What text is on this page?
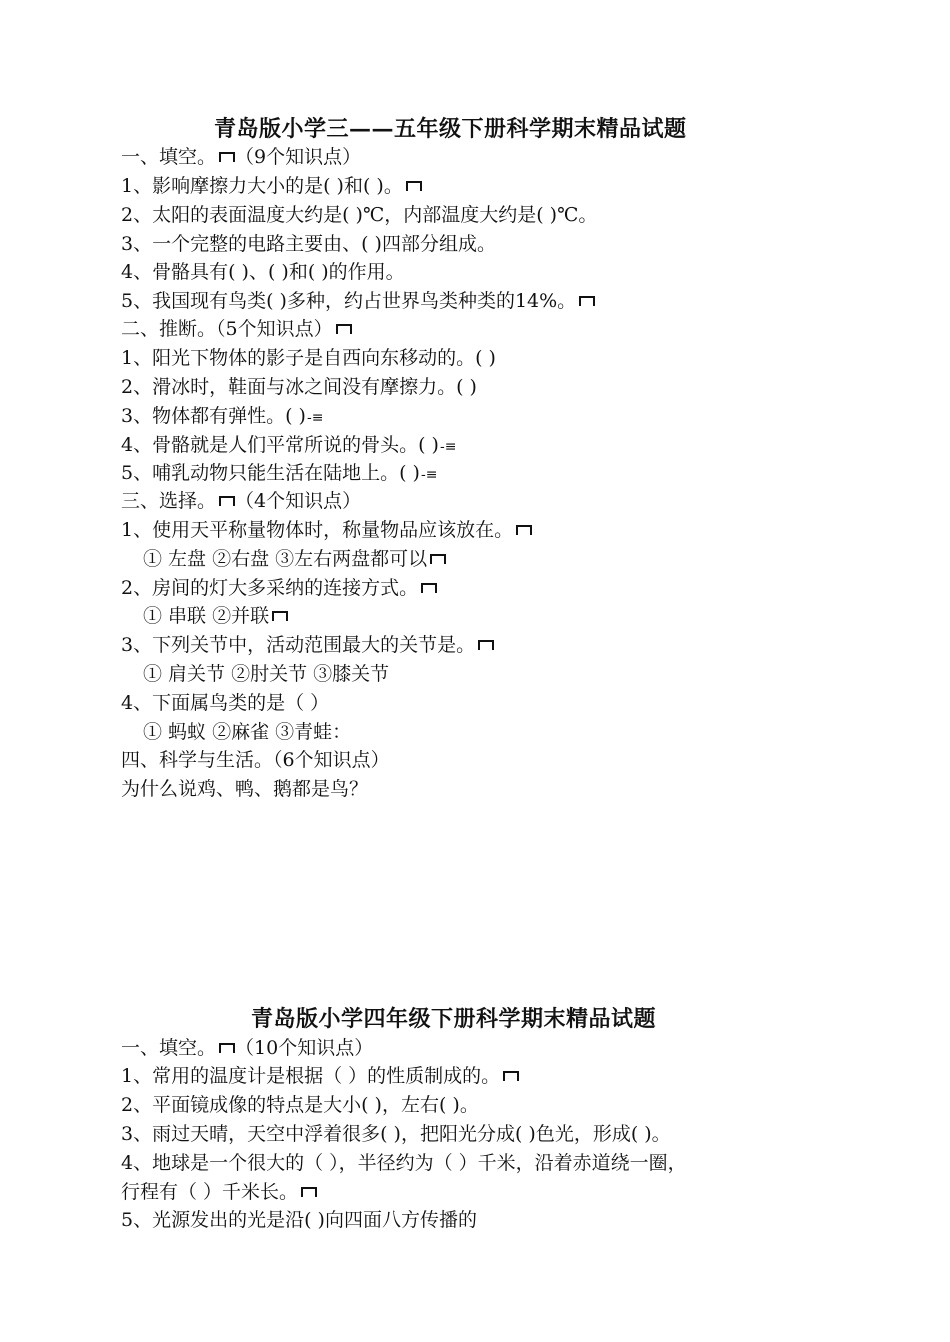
青岛版小学三——五年级下册科学期末精品试题
一、填空。 （9个知识点）
1、影响摩擦力大小的是( )和( )。
2、太阳的表面温度大约是( )℃，内部温度大约是( )℃。
3、一个完整的电路主要由、( )四部分组成。
4、骨骼具有( )、( )和( )的作用。
5、我国现有鸟类( )多种，约占世界鸟类种类的14%。
二、推断。（5个知识点）
1、阳光下物体的影子是自西向东移动的。( )
2、滑冰时，鞋面与冰之间没有摩擦力。( )
3、物体都有弹性。( )-≡
4、骨骼就是人们平常所说的骨头。( )-≡
5、哺乳动物只能生活在陆地上。( )-≡
三、选择。 （4个知识点）
1、使用天平称量物体时，称量物品应该放在。
① 左盘 ②右盘 ③左右两盘都可以
2、房间的灯大多采纳的连接方式。
① 串联 ②并联
3、下列关节中，活动范围最大的关节是。
① 肩关节 ②肘关节 ③膝关节
4、下面属鸟类的是（ ）
① 蚂蚁 ②麻雀 ③青蛙：
四、科学与生活。（6个知识点）
为什么说鸡、鸭、鹅都是鸟？
青岛版小学四年级下册科学期末精品试题
一、填空。 （10个知识点）
1、常用的温度计是根据（ ）的性质制成的。
2、平面镜成像的特点是大小( )，左右( )。
3、雨过天晴，天空中浮着很多( )，把阳光分成( )色光，形成( )。
4、地球是一个很大的（ ），半径约为（ ）千米，沿着赤道绕一圈，
行程有（ ）千米长。
5、光源发出的光是沿( )向四面八方传播的
